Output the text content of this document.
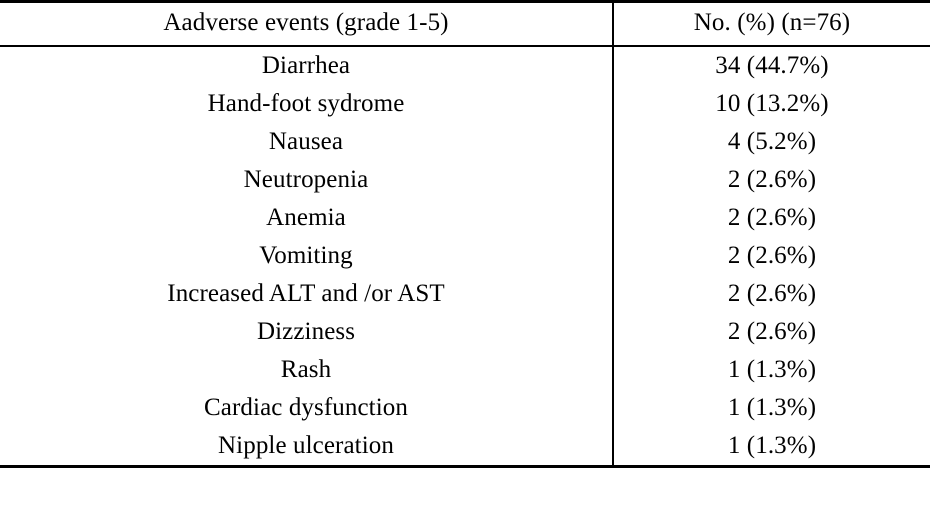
Aadverse events (grade 1-5)	No. (%) (n=76)
Diarrhea	34 (44.7%)
Hand-foot sydrome	10 (13.2%)
Nausea	4 (5.2%)
Neutropenia	2 (2.6%)
Anemia	2 (2.6%)
Vomiting	2 (2.6%)
Increased ALT and /or AST	2 (2.6%)
Dizziness	2 (2.6%)
Rash	1 (1.3%)
Cardiac dysfunction	1 (1.3%)
Nipple ulceration	1 (1.3%)
